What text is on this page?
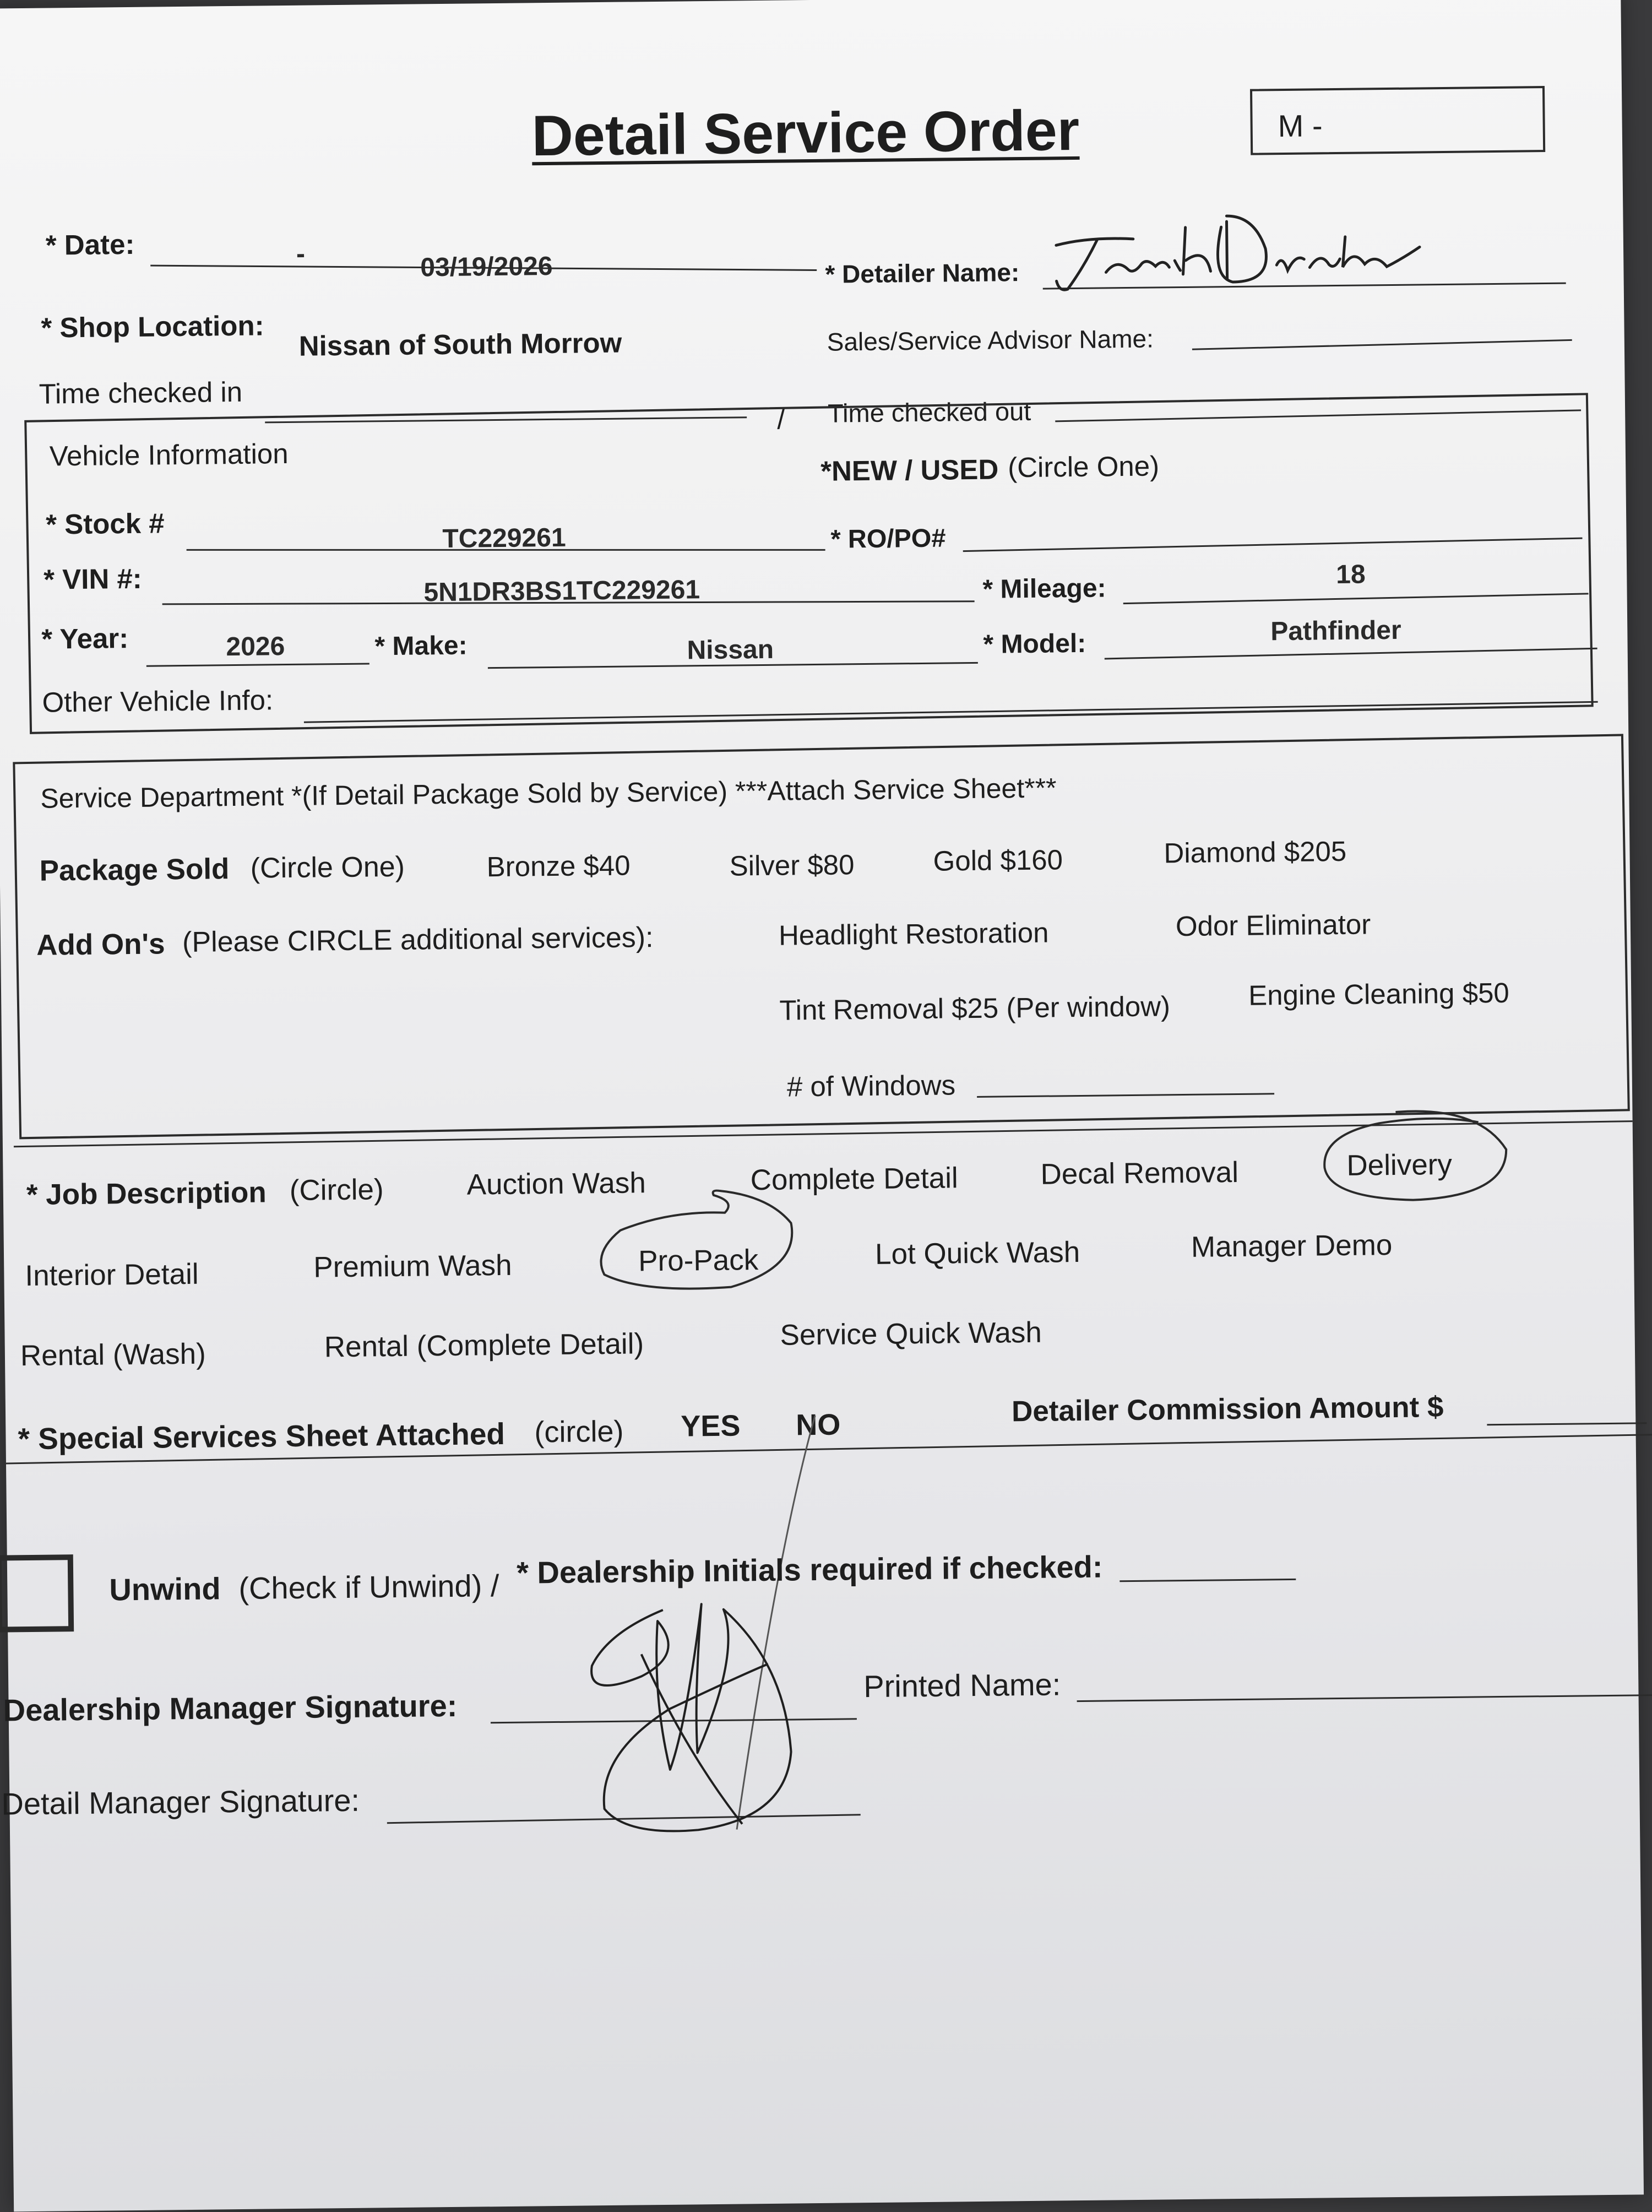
Detail Service Order	M -
* Date:	-	03/19/2026	* Detailer Name:
* Shop Location:
Nissan of South Morrow	Sales/Service Advisor Name:
Time checked in
/ Time checked out
Vehicle Information	*NEW / USED (Circle One)
* Stock #	TC229261	* RO/PO#
* VIN #:	5N1DR3BS1TC229261	* Mileage:	18
* Year:	2026	* Make:	Nissan	* Model:	Pathfinder
Other Vehicle Info:
Service Department *(If Detail Package Sold by Service) ***Attach Service Sheet***
Package Sold (Circle One)	Bronze $40	Silver $80	Gold $160	Diamond $205
Add On's (Please CIRCLE additional services):	Headlight Restoration	Odor Eliminator
Tint Removal $25 (Per window)	Engine Cleaning $50
# of Windows
* Job Description (Circle)	Auction Wash	Complete Detail	Decal Removal	Delivery
Interior Detail	Premium Wash	Pro-Pack	Lot Quick Wash	Manager Demo
Rental (Wash)	Rental (Complete Detail)	Service Quick Wash
* Special Services Sheet Attached (circle) YES NO	Detailer Commission Amount $
Unwind (Check if Unwind) / * Dealership Initials required if checked:
Dealership Manager Signature:
Printed Name:
Detail Manager Signature:
